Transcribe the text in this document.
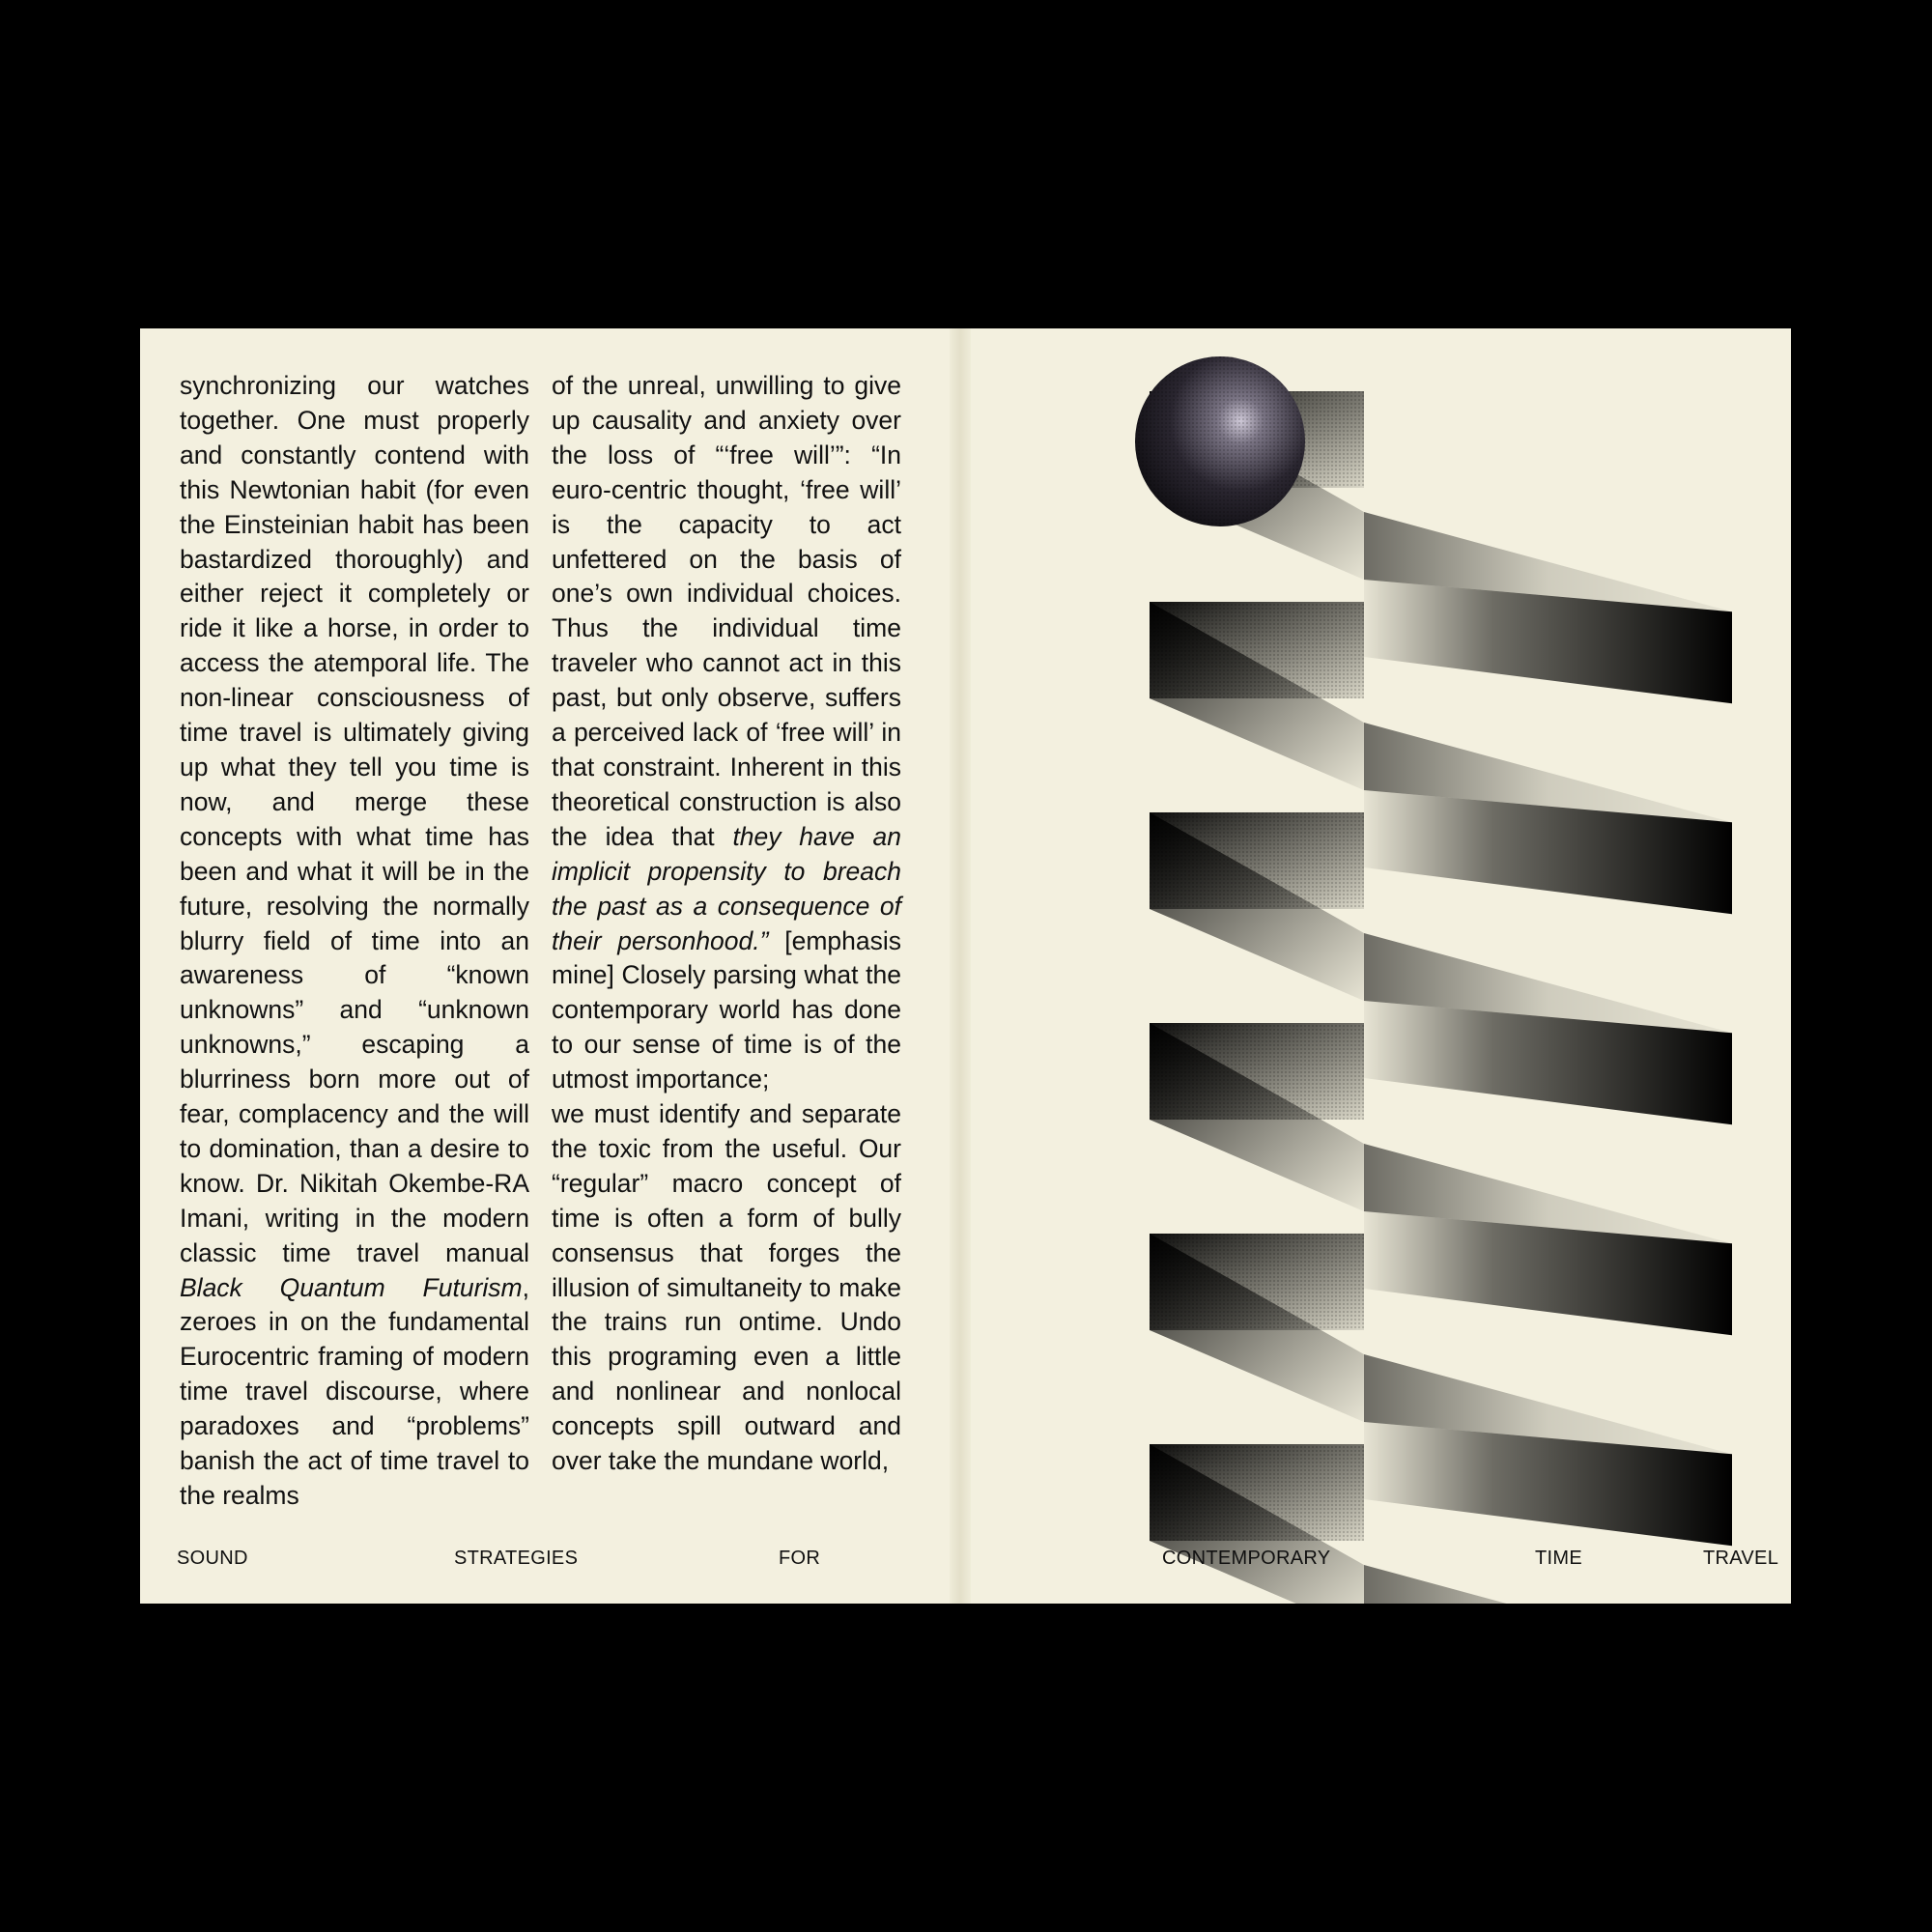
synchronizing our watches together. One must properly and constantly contend with this Newtonian habit (for even the Einsteinian habit has been bastardized thoroughly) and either reject it completely or ride it like a horse, in order to access the atemporal life. The non-linear consciousness of time travel is ultimately giving up what they tell you time is now, and merge these concepts with what time has been and what it will be in the future, resolving the normally blurry field of time into an awareness of “known unknowns” and “unknown unknowns,” escaping a blurriness born more out of fear, complacency and the will to domination, than a desire to know. Dr. Nikitah Okembe-RA Imani, writing in the modern classic time travel manual Black Quantum Futurism, zeroes in on the fundamental Eurocentric framing of modern time travel discourse, where paradoxes and “problems” banish the act of time travel to the realms

of the unreal, unwilling to give up causality and anxiety over the loss of “‘free will’”: “In euro-centric thought, ‘free will’ is the capacity to act unfettered on the basis of one’s own individual choices. Thus the individual time traveler who cannot act in this past, but only observe, suffers a perceived lack of ‘free will’ in that constraint. Inherent in this theoretical construction is also the idea that they have an implicit propensity to breach the past as a consequence of their personhood.” [emphasis mine] Closely parsing what the contemporary world has done to our sense of time is of the utmost importance;

we must identify and separate the toxic from the useful. Our “regular” macro concept of time is often a form of bully consensus that forges the illusion of simultaneity to make the trains run ontime. Undo this programing even a little and nonlinear and nonlocal concepts spill outward and over take the mundane world,

SOUND	STRATEGIES	FOR	CONTEMPORARY	TIME	TRAVEL
